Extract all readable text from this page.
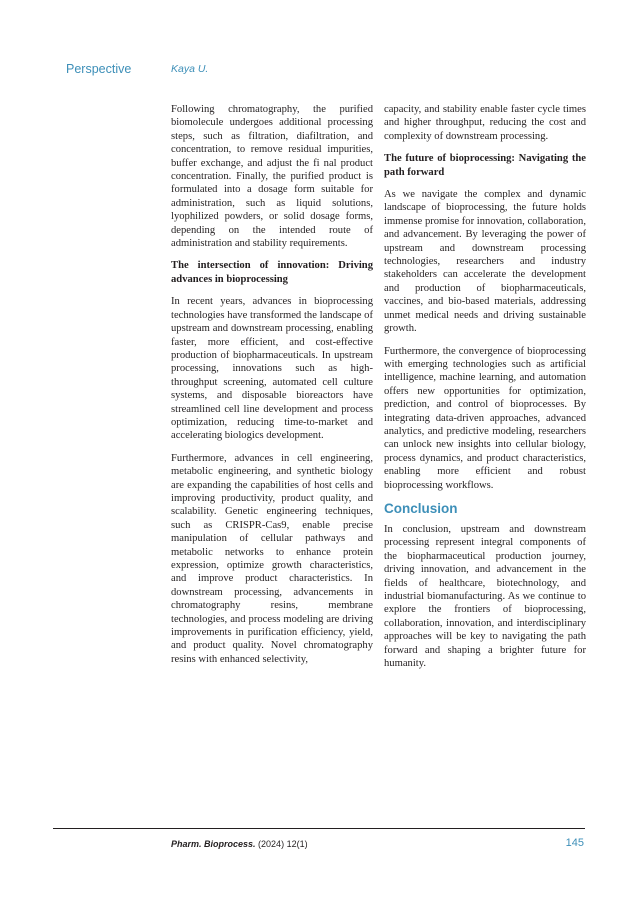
Perspective	Kaya U.

Following chromatography, the purified biomolecule undergoes additional processing steps, such as filtration, diafiltration, and concentration, to remove residual impurities, buffer exchange, and adjust the fi nal product concentration. Finally, the purified product is formulated into a dosage form suitable for administration, such as liquid solutions, lyophilized powders, or solid dosage forms, depending on the intended route of administration and stability requirements.

The intersection of innovation: Driving advances in bioprocessing

In recent years, advances in bioprocessing technologies have transformed the landscape of upstream and downstream processing, enabling faster, more efficient, and cost-effective production of biopharmaceuticals. In upstream processing, innovations such as high-throughput screening, automated cell culture systems, and disposable bioreactors have streamlined cell line development and process optimization, reducing time-to-market and accelerating biologics development.

Furthermore, advances in cell engineering, metabolic engineering, and synthetic biology are expanding the capabilities of host cells and improving productivity, product quality, and scalability. Genetic engineering techniques, such as CRISPR-Cas9, enable precise manipulation of cellular pathways and metabolic networks to enhance protein expression, optimize growth characteristics, and improve product characteristics. In downstream processing, advancements in chromatography resins, membrane technologies, and process modeling are driving improvements in purification efficiency, yield, and product quality. Novel chromatography resins with enhanced selectivity,

capacity, and stability enable faster cycle times and higher throughput, reducing the cost and complexity of downstream processing.

The future of bioprocessing: Navigating the path forward

As we navigate the complex and dynamic landscape of bioprocessing, the future holds immense promise for innovation, collaboration, and advancement. By leveraging the power of upstream and downstream processing technologies, researchers and industry stakeholders can accelerate the development and production of biopharmaceuticals, vaccines, and bio-based materials, addressing unmet medical needs and driving sustainable growth.

Furthermore, the convergence of bioprocessing with emerging technologies such as artificial intelligence, machine learning, and automation offers new opportunities for optimization, prediction, and control of bioprocesses. By integrating data-driven approaches, advanced analytics, and predictive modeling, researchers can unlock new insights into cellular biology, process dynamics, and product characteristics, enabling more efficient and robust bioprocessing workflows.

Conclusion

In conclusion, upstream and downstream processing represent integral components of the biopharmaceutical production journey, driving innovation, and advancement in the fields of healthcare, biotechnology, and industrial biomanufacturing. As we continue to explore the frontiers of bioprocessing, collaboration, innovation, and interdisciplinary approaches will be key to navigating the path forward and shaping a brighter future for humanity.

Pharm. Bioprocess. (2024) 12(1)	145
